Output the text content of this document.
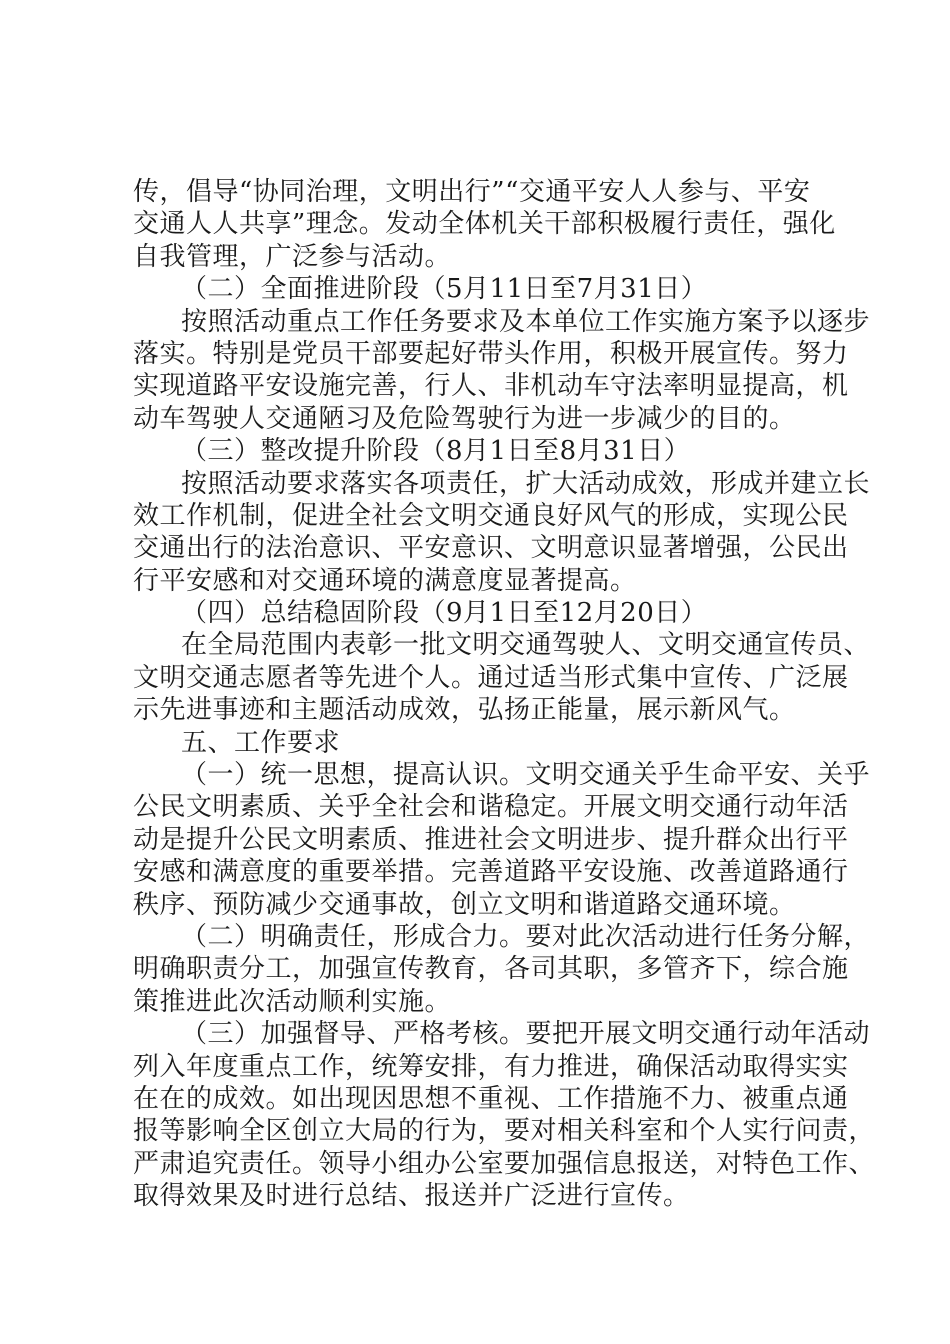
传，倡导“协同治理，文明出行”“交通平安人人参与、平安
交通人人共享”理念。发动全体机关干部积极履行责任，强化
自我管理，广泛参与活动。
（二）全面推进阶段（5月11日至7月31日）
按照活动重点工作任务要求及本单位工作实施方案予以逐步
落实。特别是党员干部要起好带头作用，积极开展宣传。努力
实现道路平安设施完善，行人、非机动车守法率明显提高，机
动车驾驶人交通陋习及危险驾驶行为进一步减少的目的。
（三）整改提升阶段（8月1日至8月31日）
按照活动要求落实各项责任，扩大活动成效，形成并建立长
效工作机制，促进全社会文明交通良好风气的形成，实现公民
交通出行的法治意识、平安意识、文明意识显著增强，公民出
行平安感和对交通环境的满意度显著提高。
（四）总结稳固阶段（9月1日至12月20日）
在全局范围内表彰一批文明交通驾驶人、文明交通宣传员、
文明交通志愿者等先进个人。通过适当形式集中宣传、广泛展
示先进事迹和主题活动成效，弘扬正能量，展示新风气。
五、工作要求
（一）统一思想，提高认识。文明交通关乎生命平安、关乎
公民文明素质、关乎全社会和谐稳定。开展文明交通行动年活
动是提升公民文明素质、推进社会文明进步、提升群众出行平
安感和满意度的重要举措。完善道路平安设施、改善道路通行
秩序、预防减少交通事故，创立文明和谐道路交通环境。
（二）明确责任，形成合力。要对此次活动进行任务分解，
明确职责分工，加强宣传教育，各司其职，多管齐下，综合施
策推进此次活动顺利实施。
（三）加强督导、严格考核。要把开展文明交通行动年活动
列入年度重点工作，统筹安排，有力推进，确保活动取得实实
在在的成效。如出现因思想不重视、工作措施不力、被重点通
报等影响全区创立大局的行为，要对相关科室和个人实行问责，
严肃追究责任。领导小组办公室要加强信息报送，对特色工作、
取得效果及时进行总结、报送并广泛进行宣传。
